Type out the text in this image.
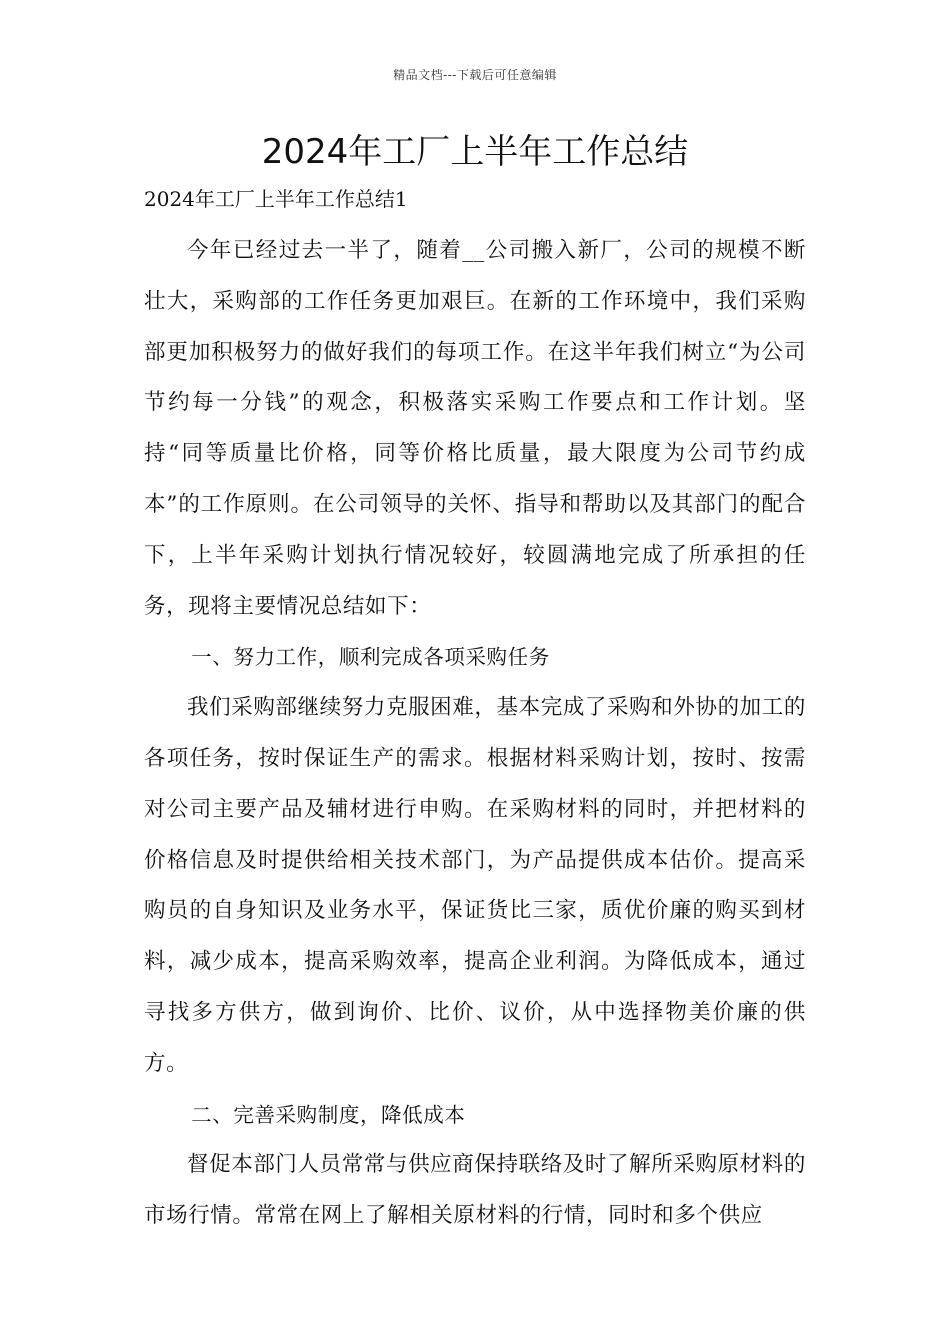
精品文档---下载后可任意编辑
2024年工厂上半年工作总结
2024年工厂上半年工作总结1

今年已经过去一半了，随着__公司搬入新厂，公司的规模不断壮大，采购部的工作任务更加艰巨。在新的工作环境中，我们采购部更加积极努力的做好我们的每项工作。在这半年我们树立“为公司节约每一分钱”的观念，积极落实采购工作要点和工作计划。坚持“同等质量比价格，同等价格比质量，最大限度为公司节约成本”的工作原则。在公司领导的关怀、指导和帮助以及其部门的配合下，上半年采购计划执行情况较好，较圆满地完成了所承担的任务，现将主要情况总结如下：

一、努力工作，顺利完成各项采购任务

我们采购部继续努力克服困难，基本完成了采购和外协的加工的各项任务，按时保证生产的需求。根据材料采购计划，按时、按需对公司主要产品及辅材进行申购。在采购材料的同时，并把材料的价格信息及时提供给相关技术部门，为产品提供成本估价。提高采购员的自身知识及业务水平，保证货比三家，质优价廉的购买到材料，减少成本，提高采购效率，提高企业利润。为降低成本，通过寻找多方供方，做到询价、比价、议价，从中选择物美价廉的供方。

二、完善采购制度，降低成本

督促本部门人员常常与供应商保持联络及时了解所采购原材料的市场行情。常常在网上了解相关原材料的行情，同时和多个供应
